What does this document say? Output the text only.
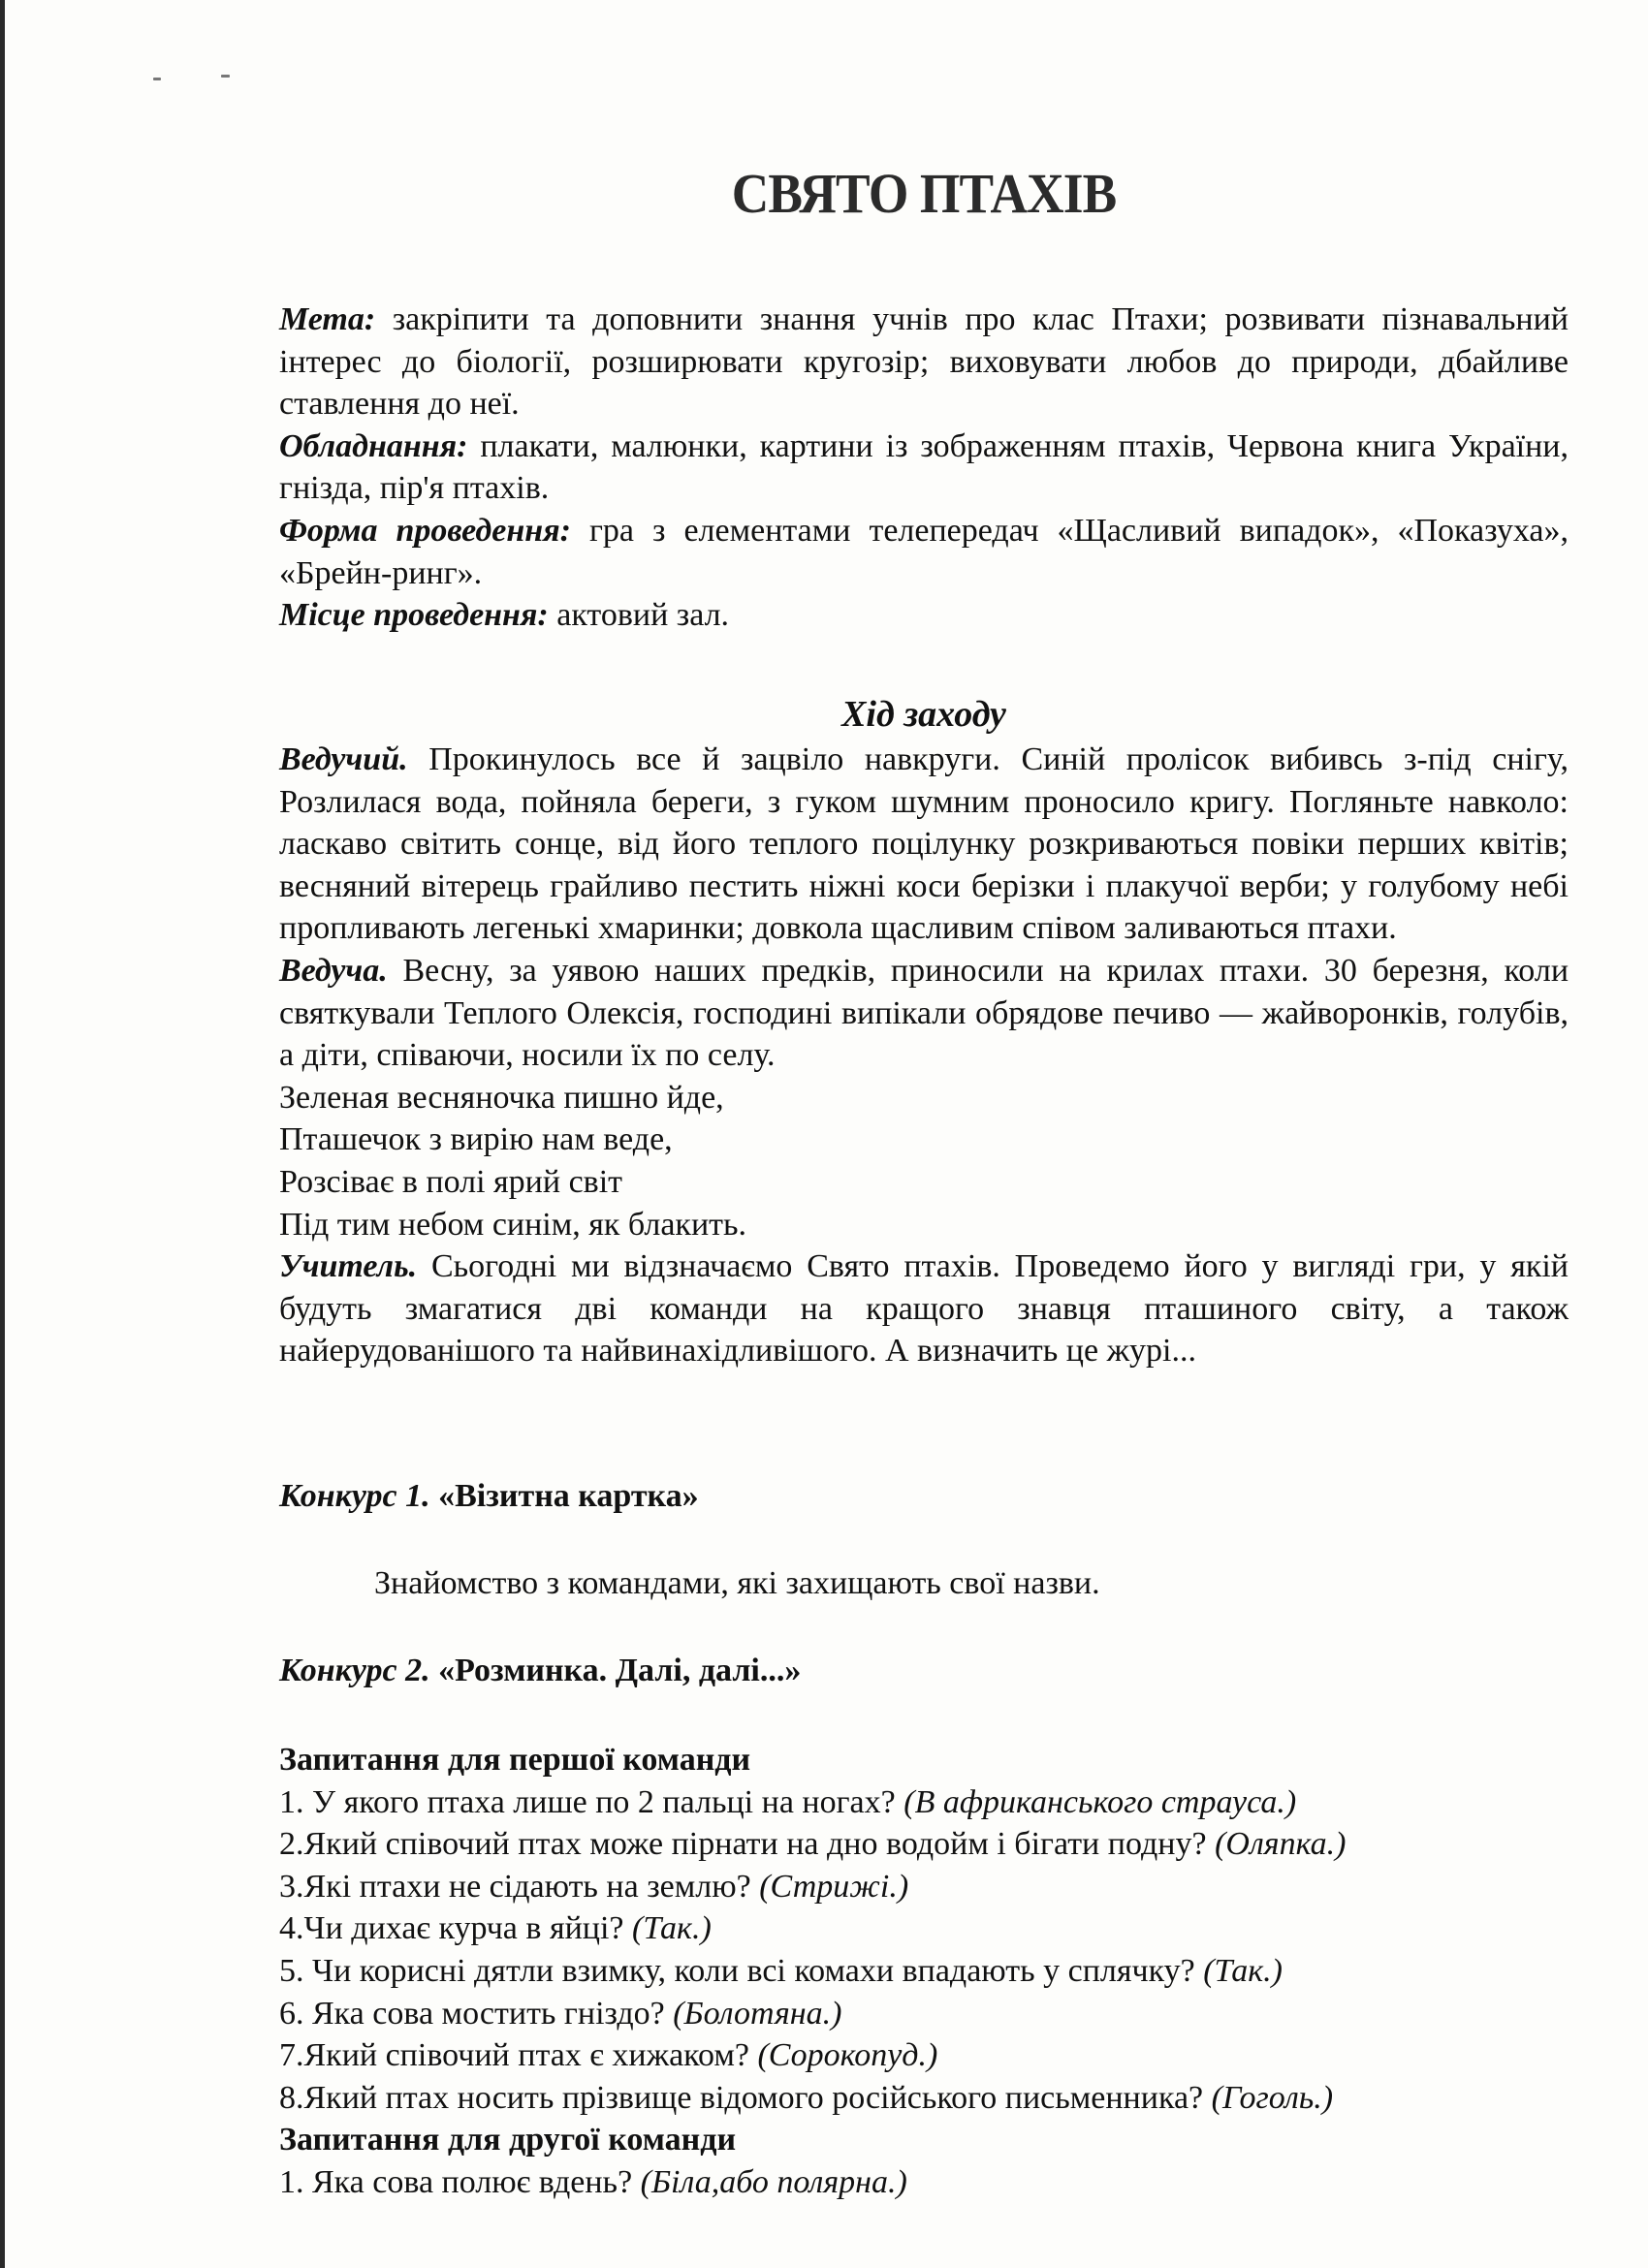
СВЯТО ПТАХІВ

Мета: закріпити та доповнити знання учнів про клас Птахи; розвивати пізнавальний інтерес до біології, розширювати кругозір; виховувати любов до природи, дбайливе ставлення до неї.

Обладнання: плакати, малюнки, картини із зображенням птахів, Червона книга України, гнізда, пір'я птахів.

Форма проведення: гра з елементами телепередач «Щасливий випадок», «Показуха», «Брейн-ринг».

Місце проведення: актовий зал.

Хід заходу

Ведучий. Прокинулось все й зацвіло навкруги. Синій пролісок вибивсь з-під снігу, Розлилася вода, пойняла береги, з гуком шумним проносило кригу. Погляньте навколо: ласкаво світить сонце, від його теплого поцілунку розкриваються повіки перших квітів; весняний вітерець грайливо пестить ніжні коси берізки і плакучої верби; у голубому небі пропливають легенькі хмаринки; довкола щасливим співом заливаються птахи.

Ведуча. Весну, за уявою наших предків, приносили на крилах птахи. 30 березня, коли святкували Теплого Олексія, господині випікали обрядове печиво — жайворонків, голубів, а діти, співаючи, носили їх по селу.

Зеленая весняночка пишно йде,

Пташечок з вирію нам веде,

Розсіває в полі ярий світ

Під тим небом синім, як блакить.

Учитель. Сьогодні ми відзначаємо Свято птахів. Проведемо його у вигляді гри, у якій будуть змагатися дві команди на кращого знавця пташиного світу, а також найерудованішого та найвинахідливішого. А визначить це журі...

Конкурс 1. «Візитна картка»

Знайомство з командами, які захищають свої назви.

Конкурс 2. «Розминка. Далі, далі...»

Запитання для першої команди

1. У якого птаха лише по 2 пальці на ногах? (В африканського страуса.)

2.Який співочий птах може пірнати на дно водойм і бігати подну? (Оляпка.)

3.Які птахи не сідають на землю? (Стрижі.)

4.Чи дихає курча в яйці? (Так.)

5. Чи корисні дятли взимку, коли всі комахи впадають у сплячку? (Так.)

6. Яка сова мостить гніздо? (Болотяна.)

7.Який співочий птах є хижаком? (Сорокопуд.)

8.Який птах носить прізвище відомого російського письменника? (Гоголь.)

Запитання для другої команди

1. Яка сова полює вдень? (Біла,або полярна.)
